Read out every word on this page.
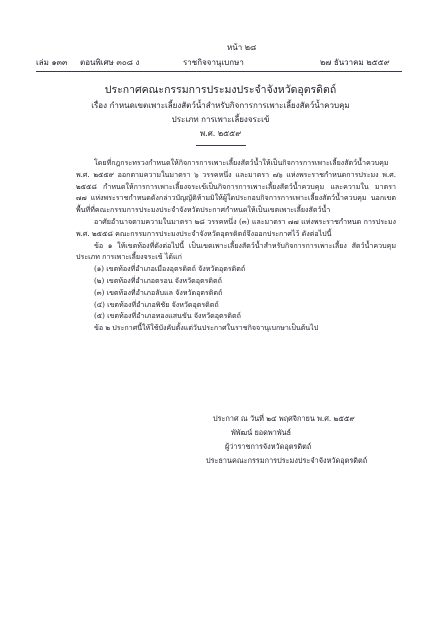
หน้า ๒๘
เล่ม ๑๓๓ ตอนพิเศษ ๓๐๘ ง	ราชกิจจานุเบกษา	๒๗ ธันวาคม ๒๕๕๙
ประกาศคณะกรรมการประมงประจำจังหวัดอุตรดิตถ์
เรื่อง กำหนดเขตเพาะเลี้ยงสัตว์น้ำสำหรับกิจการการเพาะเลี้ยงสัตว์น้ำควบคุม
ประเภท การเพาะเลี้ยงจระเข้
พ.ศ. ๒๕๕๙

โดยที่กฎกระทรวงกำหนดให้กิจการการเพาะเลี้ยงสัตว์น้ำให้เป็นกิจการการเพาะเลี้ยงสัตว์น้ำควบคุม พ.ศ. ๒๕๕๙ ออกตามความในมาตรา ๖ วรรคหนึ่ง และมาตรา ๗๖ แห่งพระราชกำหนดการประมง พ.ศ. ๒๕๕๘ กำหนดให้การการเพาะเลี้ยงจระเข้เป็นกิจการการเพาะเลี้ยงสัตว์น้ำควบคุม และความใน มาตรา ๗๗ แห่งพระราชกำหนดดังกล่าวบัญญัติห้ามมิให้ผู้ใดประกอบกิจการการเพาะเลี้ยงสัตว์น้ำควบคุม นอกเขตพื้นที่ที่คณะกรรมการประมงประจำจังหวัดประกาศกำหนดให้เป็นเขตเพาะเลี้ยงสัตว์น้ำ

อาศัยอำนาจตามความในมาตรา ๒๘ วรรคหนึ่ง (๓) และมาตรา ๗๗ แห่งพระราชกำหนด การประมง พ.ศ. ๒๕๕๘ คณะกรรมการประมงประจำจังหวัดอุตรดิตถ์จึงออกประกาศไว้ ดังต่อไปนี้

ข้อ ๑ ให้เขตท้องที่ดังต่อไปนี้ เป็นเขตเพาะเลี้ยงสัตว์น้ำสำหรับกิจการการเพาะเลี้ยง สัตว์น้ำควบคุม ประเภท การเพาะเลี้ยงจระเข้ ได้แก่

(๑) เขตท้องที่อำเภอเมืองอุตรดิตถ์ จังหวัดอุตรดิตถ์

(๒) เขตท้องที่อำเภอตรอน จังหวัดอุตรดิตถ์

(๓) เขตท้องที่อำเภอลับแล จังหวัดอุตรดิตถ์

(๔) เขตท้องที่อำเภอพิชัย จังหวัดอุตรดิตถ์

(๕) เขตท้องที่อำเภอทองแสนขัน จังหวัดอุตรดิตถ์

ข้อ ๒ ประกาศนี้ให้ใช้บังคับตั้งแต่วันประกาศในราชกิจจานุเบกษาเป็นต้นไป

ประกาศ ณ วันที่ ๒๔ พฤศจิกายน พ.ศ. ๒๕๕๙
พัพัฒน์ ยอดพาพันธ์
ผู้ว่าราชการจังหวัดอุตรดิตถ์
ประธานคณะกรรมการประมงประจำจังหวัดอุตรดิตถ์
